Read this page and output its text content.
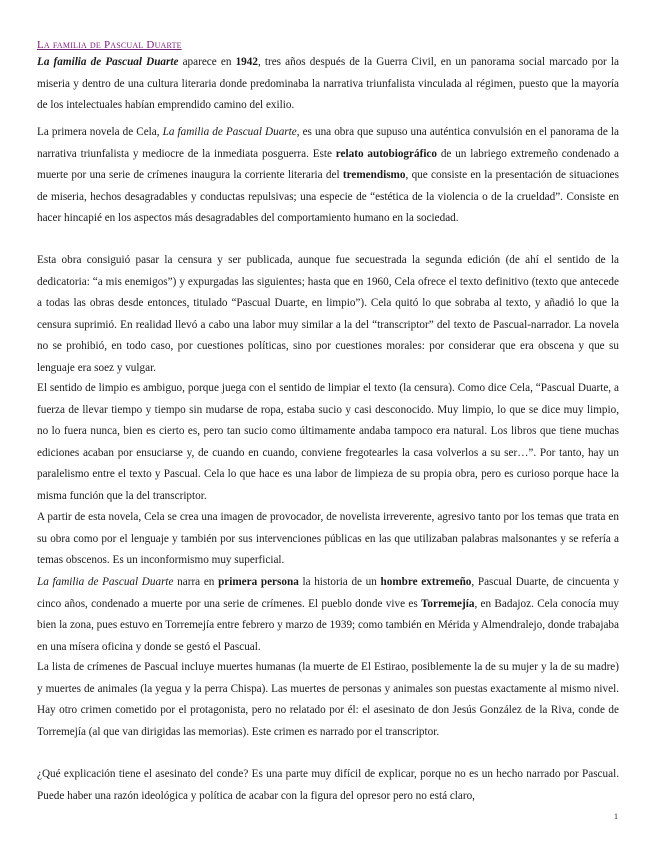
La familia de Pascual Duarte

La familia de Pascual Duarte aparece en 1942, tres años después de la Guerra Civil, en un panorama social marcado por la miseria y dentro de una cultura literaria donde predominaba la narrativa triunfalista vinculada al régimen, puesto que la mayoría de los intelectuales habían emprendido camino del exilio.

La primera novela de Cela, La familia de Pascual Duarte, es una obra que supuso una auténtica convulsión en el panorama de la narrativa triunfalista y mediocre de la inmediata posguerra. Este relato autobiográfico de un labriego extremeño condenado a muerte por una serie de crímenes inaugura la corriente literaria del tremendismo, que consiste en la presentación de situaciones de miseria, hechos desagradables y conductas repulsivas; una especie de “estética de la violencia o de la crueldad”. Consiste en hacer hincapié en los aspectos más desagradables del comportamiento humano en la sociedad.

Esta obra consiguió pasar la censura y ser publicada, aunque fue secuestrada la segunda edición (de ahí el sentido de la dedicatoria: “a mis enemigos”) y expurgadas las siguientes; hasta que en 1960, Cela ofrece el texto definitivo (texto que antecede a todas las obras desde entonces, titulado “Pascual Duarte, en limpio”). Cela quitó lo que sobraba al texto, y añadió lo que la censura suprimió. En realidad llevó a cabo una labor muy similar a la del “transcriptor” del texto de Pascual-narrador. La novela no se prohibió, en todo caso, por cuestiones políticas, sino por cuestiones morales: por considerar que era obscena y que su lenguaje era soez y vulgar.

El sentido de limpio es ambiguo, porque juega con el sentido de limpiar el texto (la censura). Como dice Cela, “Pascual Duarte, a fuerza de llevar tiempo y tiempo sin mudarse de ropa, estaba sucio y casi desconocido. Muy limpio, lo que se dice muy limpio, no lo fuera nunca, bien es cierto es, pero tan sucio como últimamente andaba tampoco era natural. Los libros que tiene muchas ediciones acaban por ensuciarse y, de cuando en cuando, conviene fregotearles la casa volverlos a su ser…”. Por tanto, hay un paralelismo entre el texto y Pascual. Cela lo que hace es una labor de limpieza de su propia obra, pero es curioso porque hace la misma función que la del transcriptor.

A partir de esta novela, Cela se crea una imagen de provocador, de novelista irreverente, agresivo tanto por los temas que trata en su obra como por el lenguaje y también por sus intervenciones públicas en las que utilizaban palabras malsonantes y se refería a temas obscenos. Es un inconformismo muy superficial.

La familia de Pascual Duarte narra en primera persona la historia de un hombre extremeño, Pascual Duarte, de cincuenta y cinco años, condenado a muerte por una serie de crímenes. El pueblo donde vive es Torremejía, en Badajoz. Cela conocía muy bien la zona, pues estuvo en Torremejía entre febrero y marzo de 1939; como también en Mérida y Almendralejo, donde trabajaba en una mísera oficina y donde se gestó el Pascual.

La lista de crímenes de Pascual incluye muertes humanas (la muerte de El Estirao, posiblemente la de su mujer y la de su madre) y muertes de animales (la yegua y la perra Chispa). Las muertes de personas y animales son puestas exactamente al mismo nivel. Hay otro crimen cometido por el protagonista, pero no relatado por él: el asesinato de don Jesús González de la Riva, conde de Torremejía (al que van dirigidas las memorias). Este crimen es narrado por el transcriptor.

¿Qué explicación tiene el asesinato del conde? Es una parte muy difícil de explicar, porque no es un hecho narrado por Pascual. Puede haber una razón ideológica y política de acabar con la figura del opresor pero no está claro,

1
